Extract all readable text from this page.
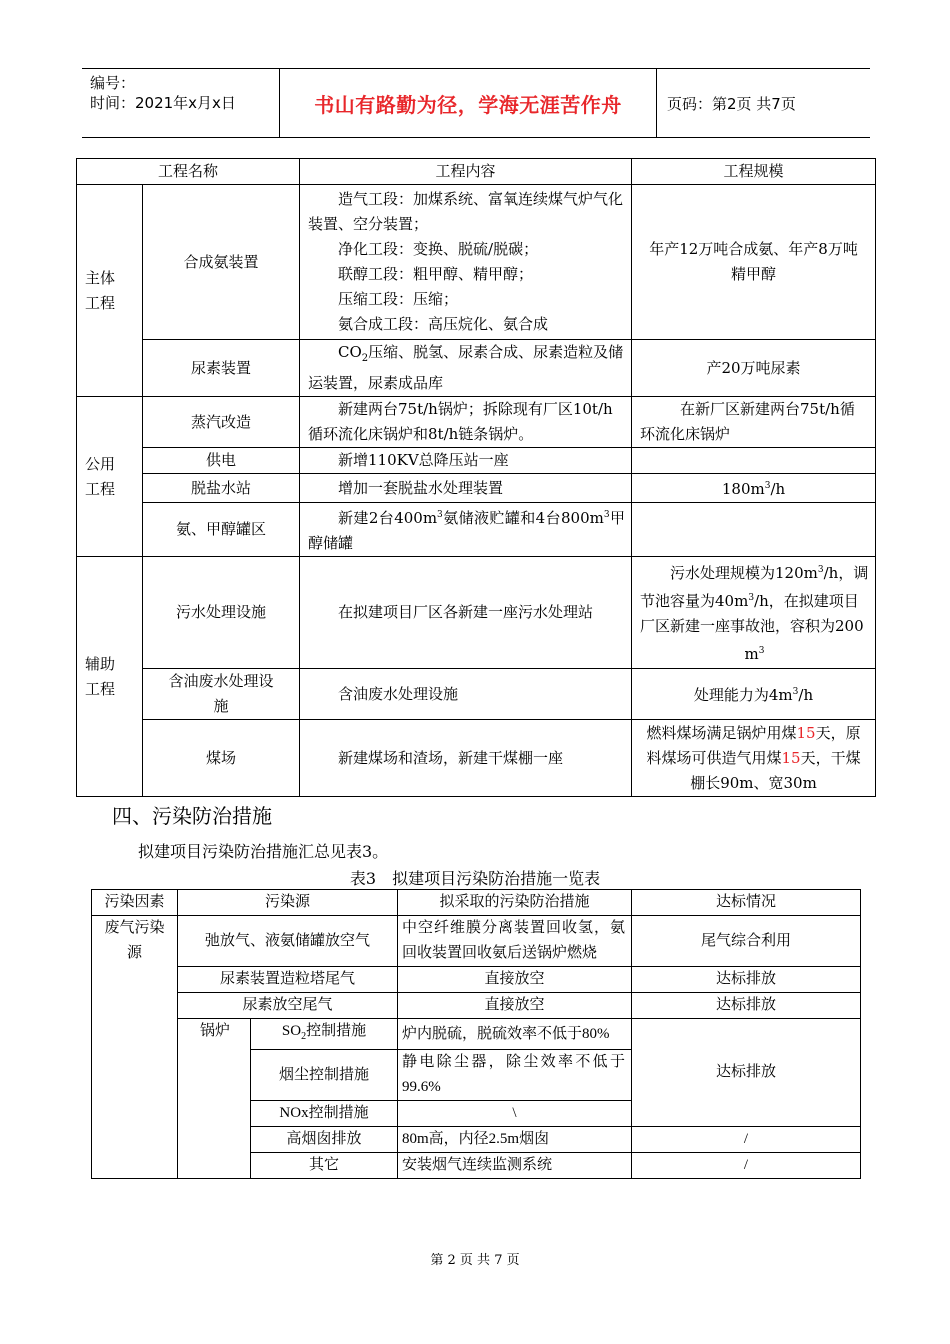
编号：
时间：2021年x月x日	书山有路勤为径，学海无涯苦作舟	页码：第2页 共7页
工程名称		工程内容	工程规模

主体工程	合成氨装置	造气工段：加煤系统、富氧连续煤气炉气化装置、空分装置；
净化工段：变换、脱硫/脱碳；
联醇工段：粗甲醇、精甲醇；
压缩工段：压缩；
氨合成工段：高压烷化、氨合成	年产12万吨合成氨、年产8万吨精甲醇
	尿素装置	$CO_2$压缩、脱氢、尿素合成、尿素造粒及储运装置，尿素成品库	产20万吨尿素

公用工程	蒸汽改造	新建两台75t/h锅炉；拆除现有厂区10t/h循环流化床锅炉和8t/h链条锅炉。	在新厂区新建两台75t/h循环流化床锅炉
	供电	新增110KV总降压站一座	
	脱盐水站	增加一套脱盐水处理装置	$180m^3/h$
	氨、甲醇罐区	新建2台$400m^3$氨储液贮罐和4台$800m^3$甲醇储罐	

辅助工程	污水处理设施	在拟建项目厂区各新建一座污水处理站	污水处理规模为$120m^3/h$，调节池容量为$40m^3/h$，在拟建项目厂区新建一座事故池，容积为200 $m^3$
	含油废水处理设施	含油废水处理设施	处理能力为$4m^3/h$
	煤场	新建煤场和渣场，新建干煤棚一座	燃料煤场满足锅炉用煤15天，原料煤场可供造气用煤15天，干煤棚长90m、宽30m
四、污染防治措施
拟建项目污染防治措施汇总见表3。
表3　拟建项目污染防治措施一览表
污染因素	污染源		拟采取的污染防治措施	达标情况
废气污染源	弛放气、液氨储罐放空气		中空纤维膜分离装置回收氢，氨回收装置回收氨后送锅炉燃烧	尾气综合利用
	尿素装置造粒塔尾气		直接放空	达标排放
	尿素放空尾气		直接放空	达标排放
	锅炉	$SO_2$控制措施	炉内脱硫，脱硫效率不低于80%	达标排放
		烟尘控制措施	静电除尘器，除尘效率不低于99.6%	
		NOx控制措施	\	
		高烟囱排放	80m高，内径2.5m烟囱	/
		其它	安装烟气连续监测系统	/
第 2 页 共 7 页
